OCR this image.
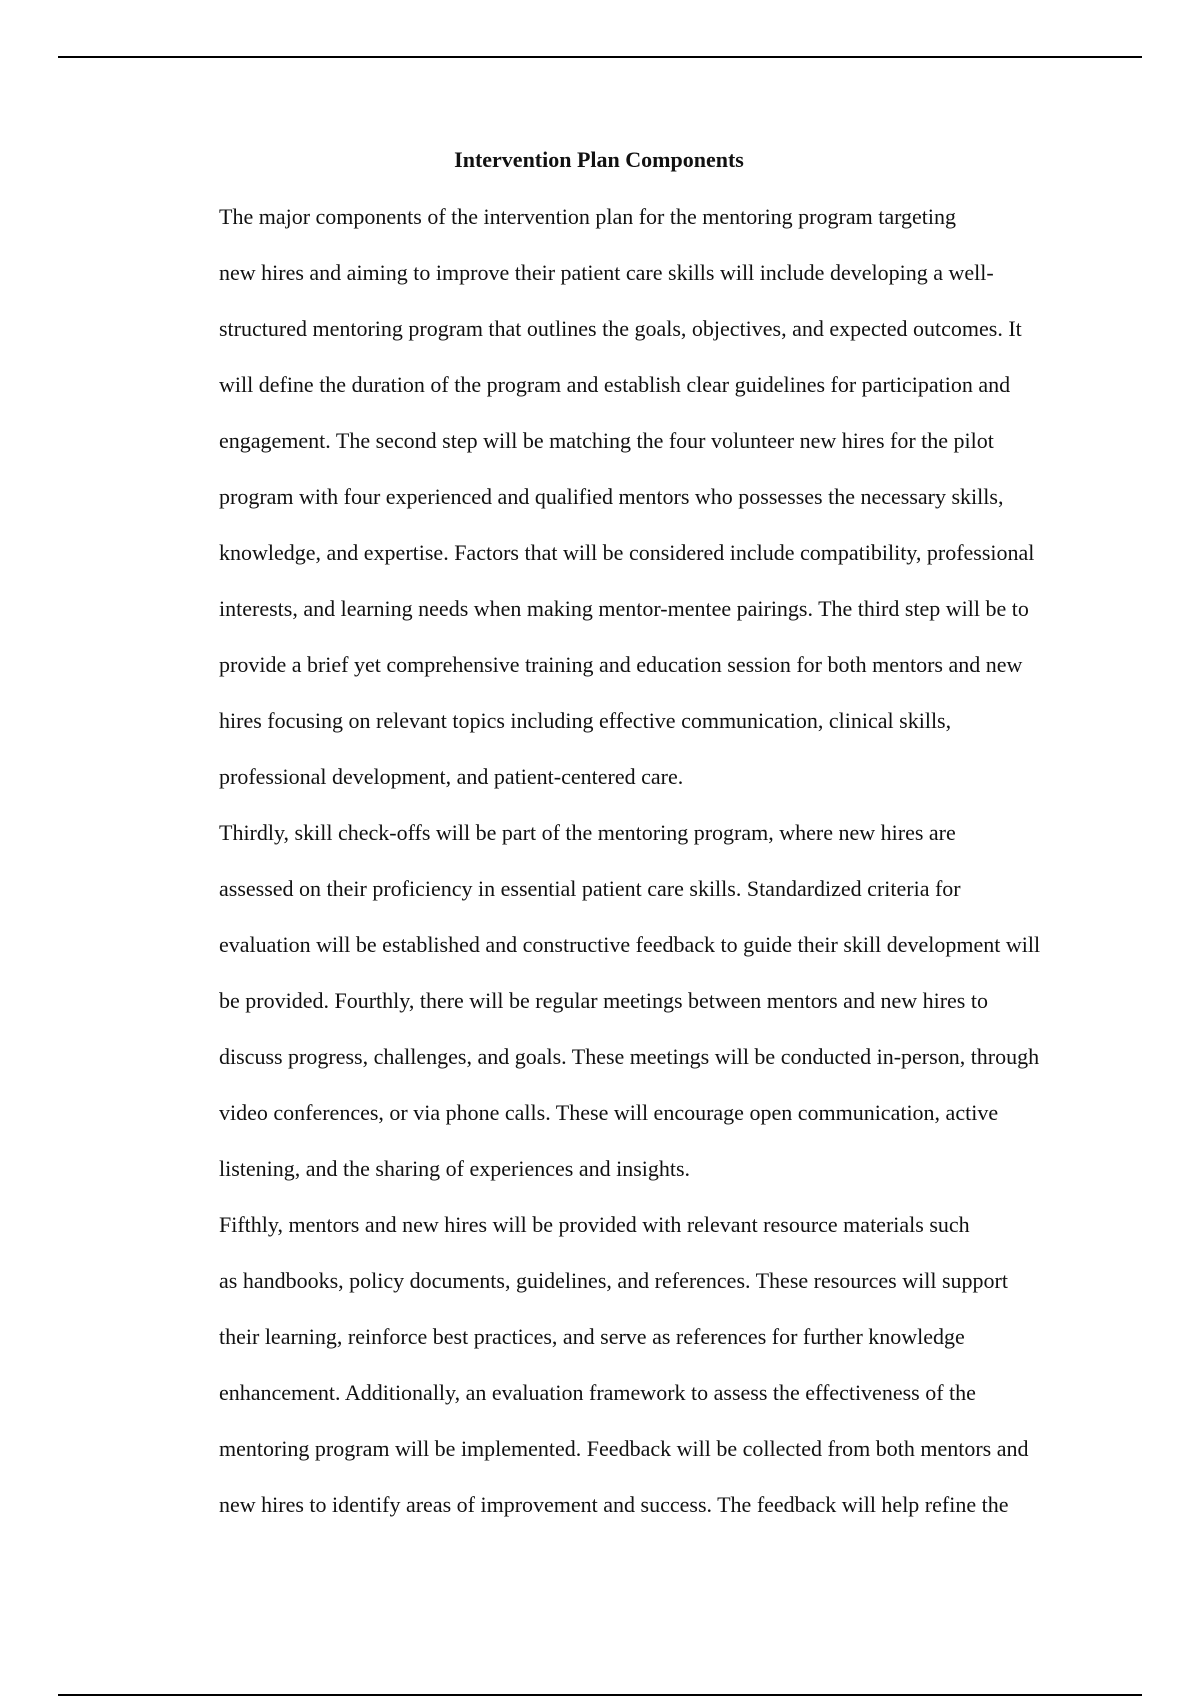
Intervention Plan Components

The major components of the intervention plan for the mentoring program targeting
new hires and aiming to improve their patient care skills will include developing a well-
structured mentoring program that outlines the goals, objectives, and expected outcomes. It
will define the duration of the program and establish clear guidelines for participation and
engagement. The second step will be matching the four volunteer new hires for the pilot
program with four experienced and qualified mentors who possesses the necessary skills,
knowledge, and expertise. Factors that will be considered include compatibility, professional
interests, and learning needs when making mentor-mentee pairings. The third step will be to
provide a brief yet comprehensive training and education session for both mentors and new
hires focusing on relevant topics including effective communication, clinical skills,
professional development, and patient-centered care.

Thirdly, skill check-offs will be part of the mentoring program, where new hires are
assessed on their proficiency in essential patient care skills. Standardized criteria for
evaluation will be established and constructive feedback to guide their skill development will
be provided. Fourthly, there will be regular meetings between mentors and new hires to
discuss progress, challenges, and goals. These meetings will be conducted in-person, through
video conferences, or via phone calls. These will encourage open communication, active
listening, and the sharing of experiences and insights.

Fifthly, mentors and new hires will be provided with relevant resource materials such
as handbooks, policy documents, guidelines, and references. These resources will support
their learning, reinforce best practices, and serve as references for further knowledge
enhancement. Additionally, an evaluation framework to assess the effectiveness of the
mentoring program will be implemented. Feedback will be collected from both mentors and
new hires to identify areas of improvement and success. The feedback will help refine the
